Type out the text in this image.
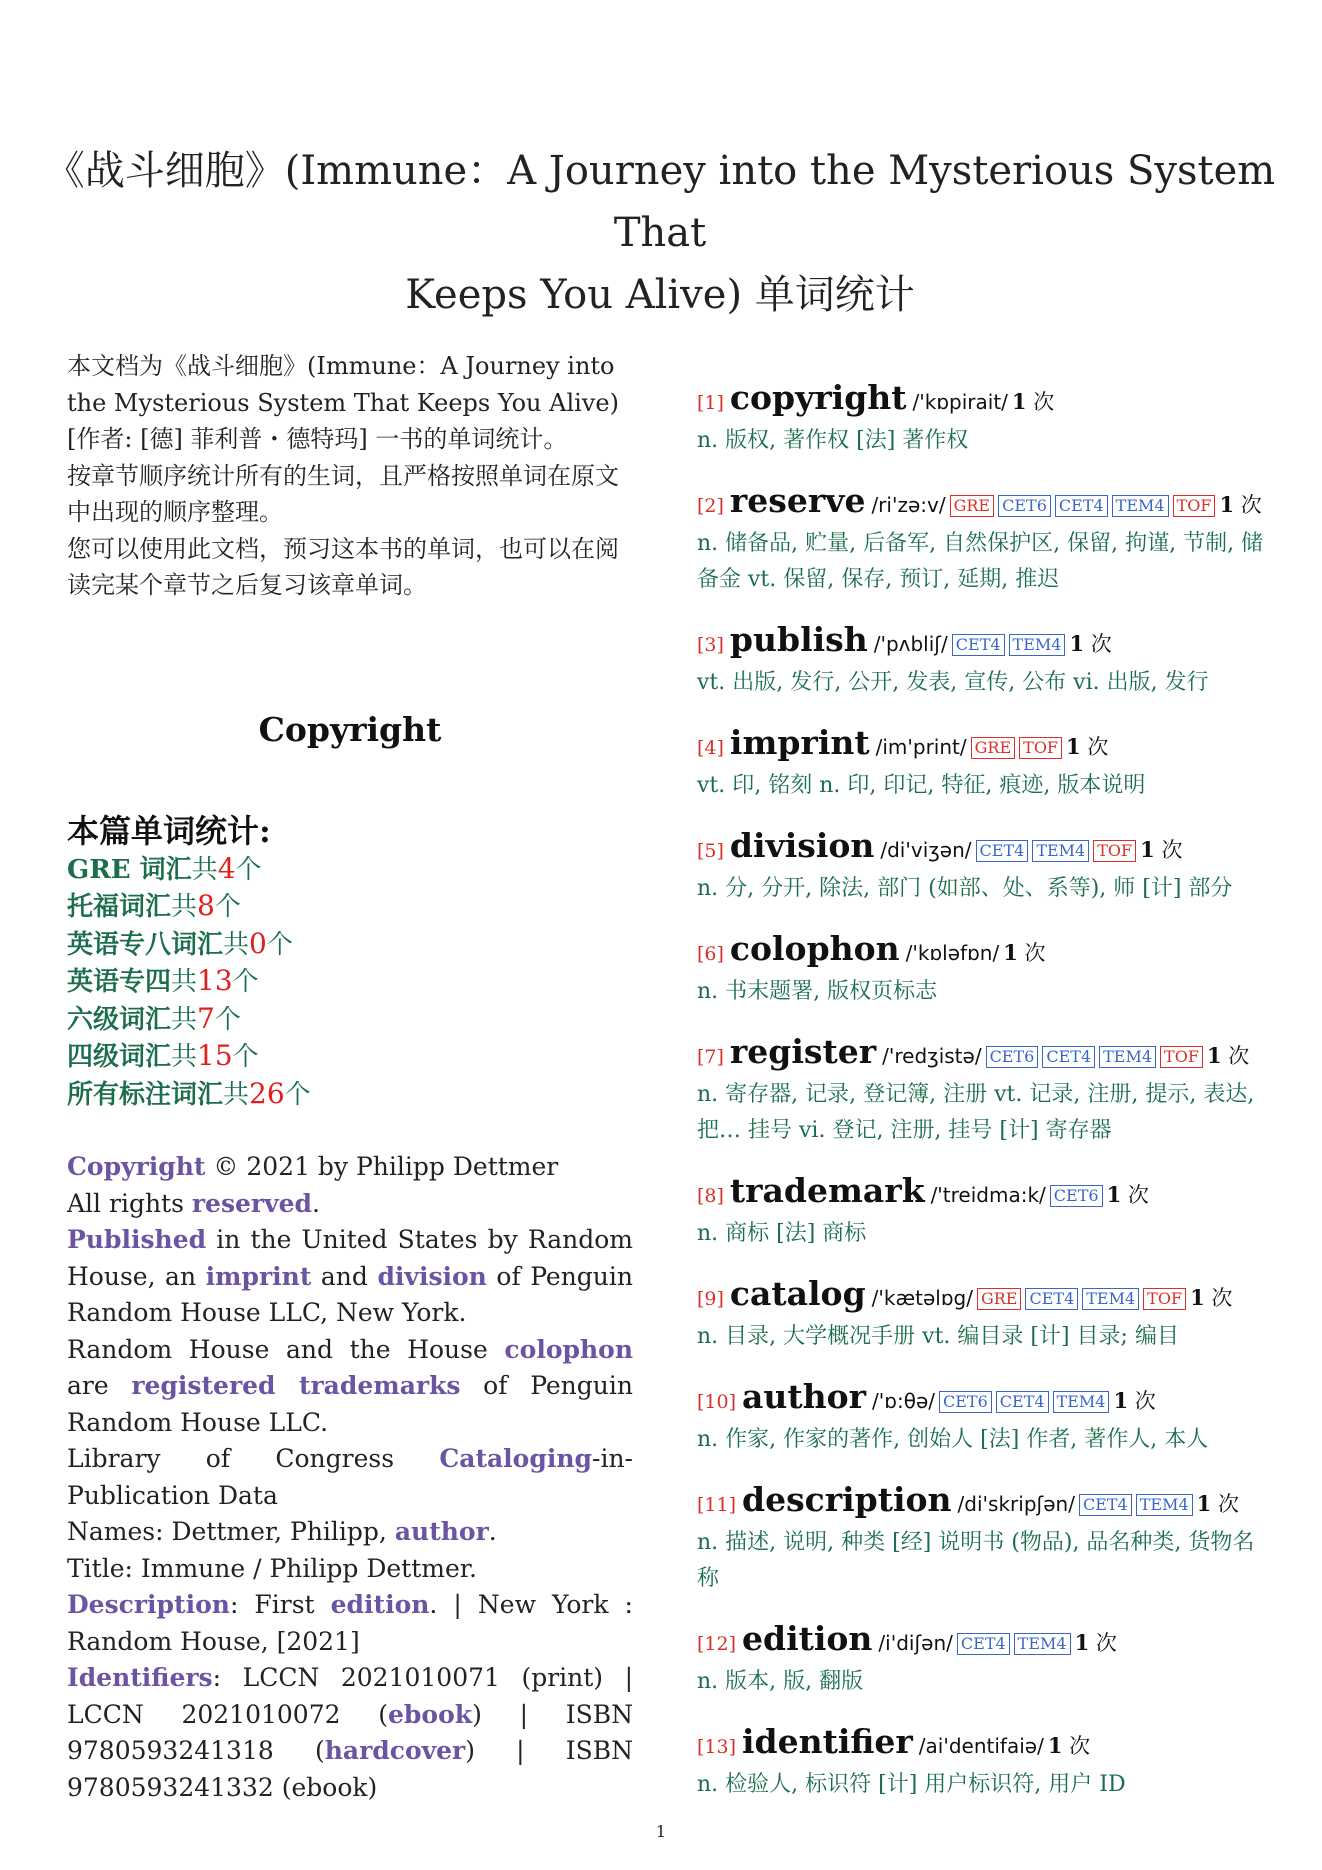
《战斗细胞》(Immune：A Journey into the Mysterious System That
Keeps You Alive) 单词统计
本文档为《战斗细胞》(Immune：A Journey into the Mysterious System That Keeps You Alive)[作者: [德] 菲利普・德特玛] 一书的单词统计。
按章节顺序统计所有的生词，且严格按照单词在原文中出现的顺序整理。
您可以使用此文档，预习这本书的单词，也可以在阅读完某个章节之后复习该章单词。
Copyright
本篇单词统计:
GRE 词汇共4个
托福词汇共8个
英语专八词汇共0个
英语专四共13个
六级词汇共7个
四级词汇共15个
所有标注词汇共26个

Copyright © 2021 by Philipp Dettmer

All rights reserved.

Published in the United States by Random House, an imprint and division of Penguin Random House LLC, New York.

Random House and the House colophon are registered trademarks of Penguin Random House LLC.

Library of Congress Cataloging-in-Publication Data

Names: Dettmer, Philipp, author.

Title: Immune / Philipp Dettmer.

Description: First edition. | New York : Random House, [2021]

Identifiers: LCCN 2021010071 (print) | LCCN 2021010072 (ebook) | ISBN 9780593241318 (hardcover) | ISBN 9780593241332 (ebook)

[1] copyright /'kɒpirait/ 1 次
n. 版权, 著作权 [法] 著作权
[2] reserve /ri'zə:v/ GRE CET6 CET4 TEM4 TOF 1 次
n. 储备品, 贮量, 后备军, 自然保护区, 保留, 拘谨, 节制, 储备金 vt. 保留, 保存, 预订, 延期, 推迟
[3] publish /'pʌbliʃ/ CET4 TEM4 1 次
vt. 出版, 发行, 公开, 发表, 宣传, 公布 vi. 出版, 发行
[4] imprint /im'print/ GRE TOF 1 次
vt. 印, 铭刻 n. 印, 印记, 特征, 痕迹, 版本说明
[5] division /di'viʒən/ CET4 TEM4 TOF 1 次
n. 分, 分开, 除法, 部门 (如部、处、系等), 师 [计] 部分
[6] colophon /'kɒləfɒn/ 1 次
n. 书末题署, 版权页标志
[7] register /'redʒistə/ CET6 CET4 TEM4 TOF 1 次
n. 寄存器, 记录, 登记簿, 注册 vt. 记录, 注册, 提示, 表达, 把… 挂号 vi. 登记, 注册, 挂号 [计] 寄存器
[8] trademark /'treidma:k/ CET6 1 次
n. 商标 [法] 商标
[9] catalog /'kætəlɒg/ GRE CET4 TEM4 TOF 1 次
n. 目录, 大学概况手册 vt. 编目录 [计] 目录; 编目
[10] author /'ɒ:θə/ CET6 CET4 TEM4 1 次
n. 作家, 作家的著作, 创始人 [法] 作者, 著作人, 本人
[11] description /di'skripʃən/ CET4 TEM4 1 次
n. 描述, 说明, 种类 [经] 说明书 (物品), 品名种类, 货物名称
[12] edition /i'diʃən/ CET4 TEM4 1 次
n. 版本, 版, 翻版
[13] identifier /ai'dentifaiə/ 1 次
n. 检验人, 标识符 [计] 用户标识符, 用户 ID
1
